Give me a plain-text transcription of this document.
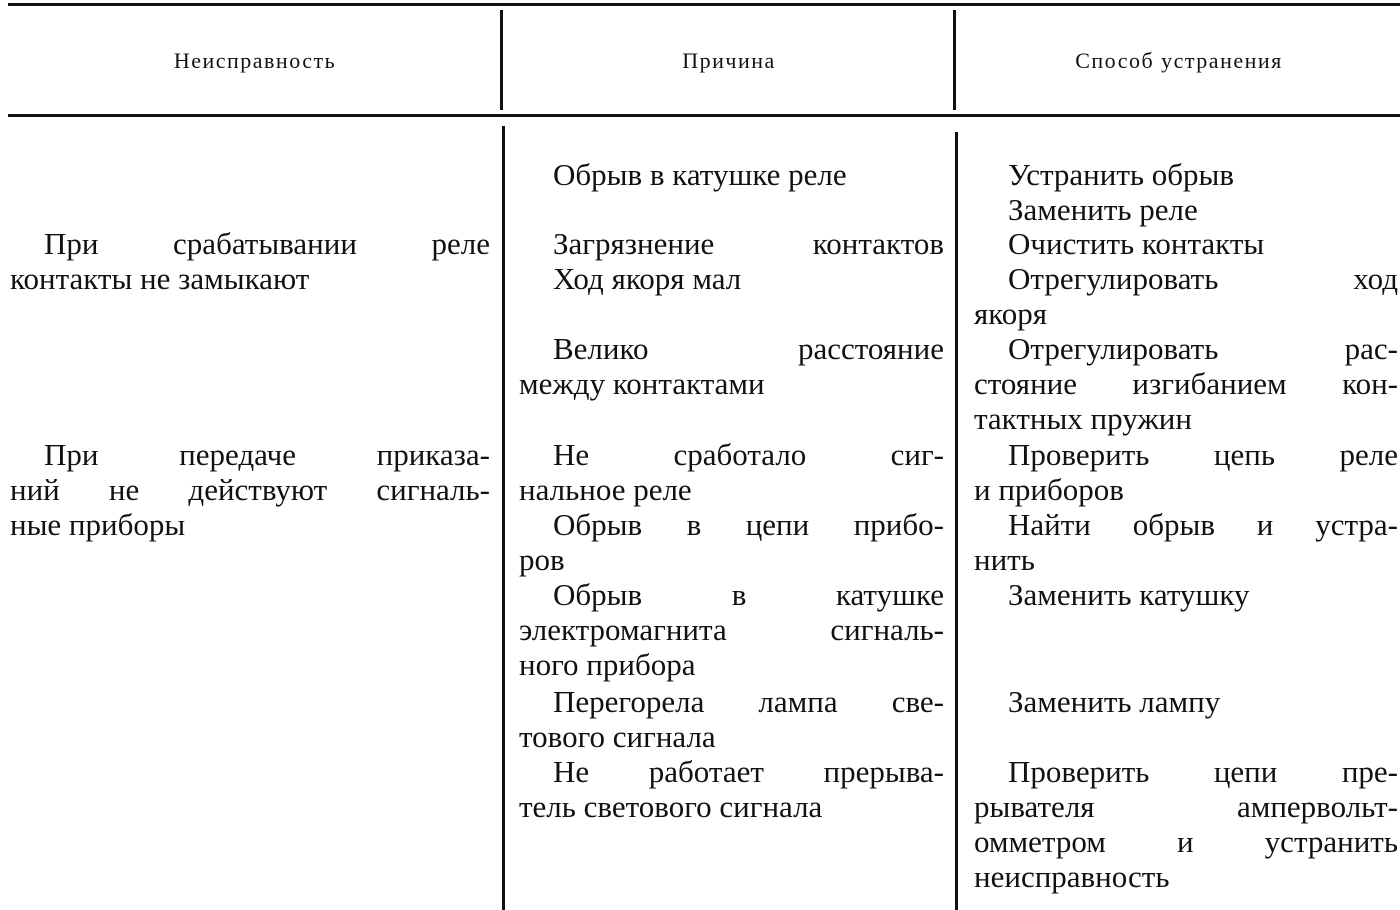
Неисправность	Причина	Способ устранения
При срабатывании реле
контакты не замыкают
Обрыв в катушке реле
Загрязнение контактов
Ход якоря мал
Велико расстояние
между контактами
Устранить обрыв
Заменить реле
Очистить контакты
Отрегулировать ход
якоря
Отрегулировать рас-
стояние изгибанием кон-
тактных пружин
При передаче приказа-
ний не действуют сигналь-
ные приборы
Не сработало сиг-
нальное реле
Обрыв в цепи прибо-
ров
Обрыв в катушке
электромагнита сигналь-
ного прибора
Перегорела лампа све-
тового сигнала
Не работает прерыва-
тель светового сигнала
Проверить цепь реле
и приборов
Найти обрыв и устра-
нить
Заменить катушку
Заменить лампу
Проверить цепи пре-
рывателя ампервольт-
омметром и устранить
неисправность
